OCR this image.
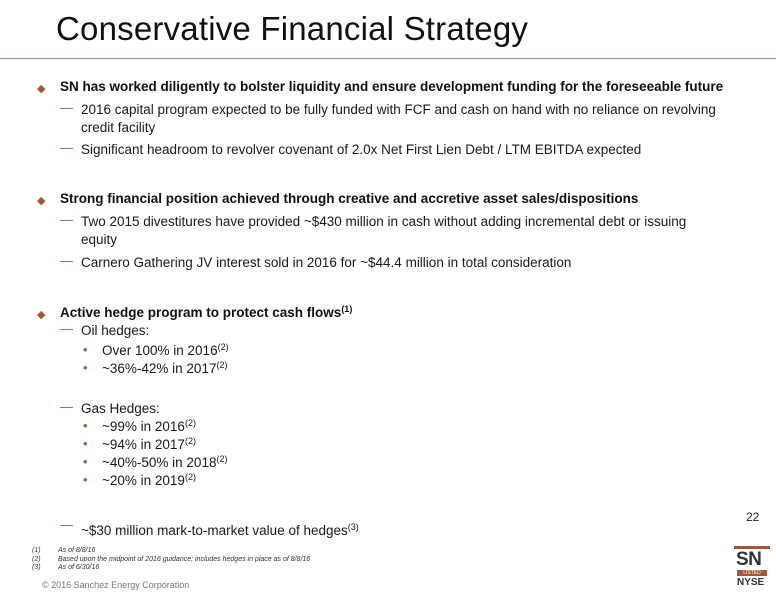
Conservative Financial Strategy
◆ SN has worked diligently to bolster liquidity and ensure development funding for the foreseeable future
— 2016 capital program expected to be fully funded with FCF and cash on hand with no reliance on revolving credit facility
— Significant headroom to revolver covenant of 2.0x Net First Lien Debt / LTM EBITDA expected
◆ Strong financial position achieved through creative and accretive asset sales/dispositions
— Two 2015 divestitures have provided ~$430 million in cash without adding incremental debt or issuing equity
— Carnero Gathering JV interest sold in 2016 for ~$44.4 million in total consideration
◆ Active hedge program to protect cash flows$^{(1)}$
— Oil hedges:
• Over 100% in 2016$^{(2)}$
• ~36%-42% in 2017$^{(2)}$
— Gas Hedges:
• ~99% in 2016$^{(2)}$
• ~94% in 2017$^{(2)}$
• ~40%-50% in 2018$^{(2)}$
• ~20% in 2019$^{(2)}$
— ~$30 million mark-to-market value of hedges$^{(3)}$
22
(1)	As of 8/8/16
(2)	Based upon the midpoint of 2016 guidance; includes hedges in place as of 8/8/16
(3)	As of 6/30/16
© 2016 Sanchez Energy Corporation
SN
LISTED
NYSE
